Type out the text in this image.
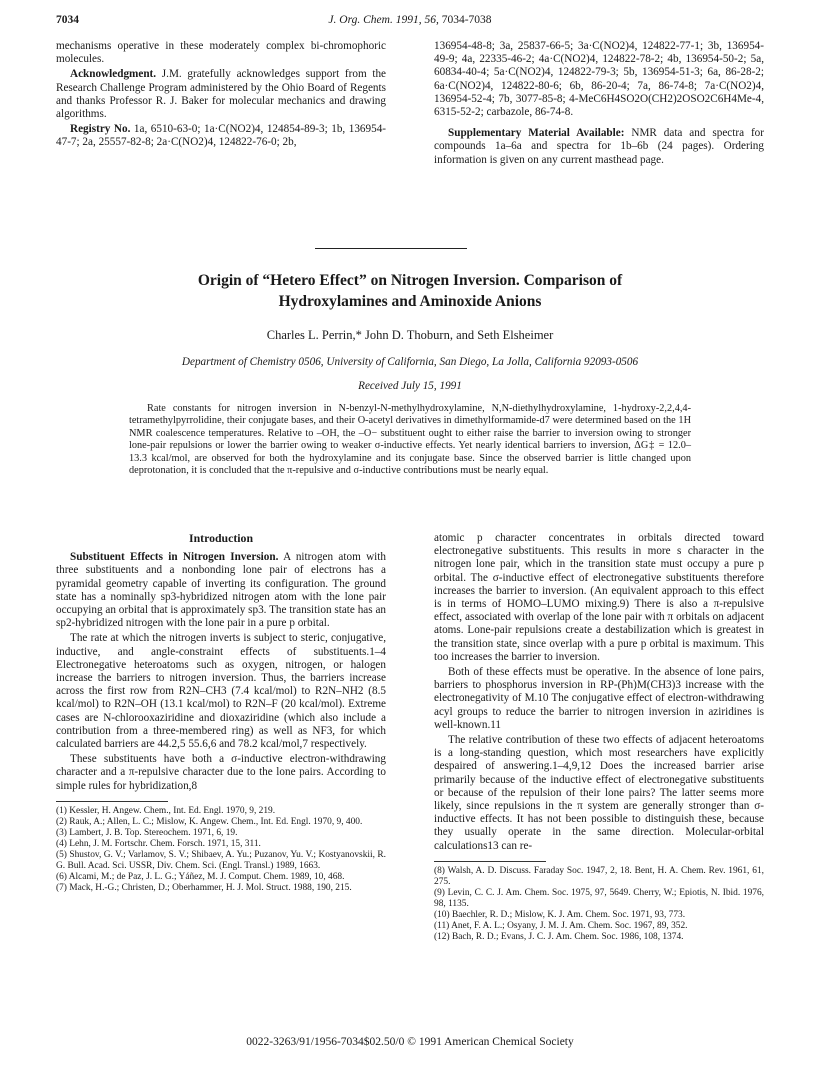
7034	J. Org. Chem. 1991, 56, 7034-7038

mechanisms operative in these moderately complex bi-chromophoric molecules.

Acknowledgment. J.M. gratefully acknowledges support from the Research Challenge Program administered by the Ohio Board of Regents and thanks Professor R. J. Baker for molecular mechanics and drawing algorithms.

Registry No. 1a, 6510-63-0; 1a·C(NO2)4, 124854-89-3; 1b, 136954-47-7; 2a, 25557-82-8; 2a·C(NO2)4, 124822-76-0; 2b,

136954-48-8; 3a, 25837-66-5; 3a·C(NO2)4, 124822-77-1; 3b, 136954-49-9; 4a, 22335-46-2; 4a·C(NO2)4, 124822-78-2; 4b, 136954-50-2; 5a, 60834-40-4; 5a·C(NO2)4, 124822-79-3; 5b, 136954-51-3; 6a, 86-28-2; 6a·C(NO2)4, 124822-80-6; 6b, 86-20-4; 7a, 86-74-8; 7a·C(NO2)4, 136954-52-4; 7b, 3077-85-8; 4-MeC6H4SO2O(CH2)2OSO2C6H4Me-4, 6315-52-2; carbazole, 86-74-8.

Supplementary Material Available: NMR data and spectra for compounds 1a–6a and spectra for 1b–6b (24 pages). Ordering information is given on any current masthead page.

Origin of “Hetero Effect” on Nitrogen Inversion. Comparison of
Hydroxylamines and Aminoxide Anions
Charles L. Perrin,* John D. Thoburn, and Seth Elsheimer
Department of Chemistry 0506, University of California, San Diego, La Jolla, California 92093-0506
Received July 15, 1991
Rate constants for nitrogen inversion in N-benzyl-N-methylhydroxylamine, N,N-diethylhydroxylamine, 1-hydroxy-2,2,4,4-tetramethylpyrrolidine, their conjugate bases, and their O-acetyl derivatives in dimethylformamide-d7 were determined based on the 1H NMR coalescence temperatures. Relative to –OH, the –O− substituent ought to either raise the barrier to inversion owing to stronger lone-pair repulsions or lower the barrier owing to weaker σ-inductive effects. Yet nearly identical barriers to inversion, ΔG‡ = 12.0–13.3 kcal/mol, are observed for both the hydroxylamine and its conjugate base. Since the observed barrier is little changed upon deprotonation, it is concluded that the π-repulsive and σ-inductive contributions must be nearly equal.

Introduction

Substituent Effects in Nitrogen Inversion. A nitrogen atom with three substituents and a nonbonding lone pair of electrons has a pyramidal geometry capable of inverting its configuration. The ground state has a nominally sp3-hybridized nitrogen atom with the lone pair occupying an orbital that is approximately sp3. The transition state has an sp2-hybridized nitrogen with the lone pair in a pure p orbital.

The rate at which the nitrogen inverts is subject to steric, conjugative, inductive, and angle-constraint effects of substituents.1–4 Electronegative heteroatoms such as oxygen, nitrogen, or halogen increase the barriers to nitrogen inversion. Thus, the barriers increase across the first row from R2N–CH3 (7.4 kcal/mol) to R2N–NH2 (8.5 kcal/mol) to R2N–OH (13.1 kcal/mol) to R2N–F (20 kcal/mol). Extreme cases are N-chlorooxaziridine and dioxaziridine (which also include a contribution from a three-membered ring) as well as NF3, for which calculated barriers are 44.2,5 55.6,6 and 78.2 kcal/mol,7 respectively.

These substituents have both a σ-inductive electron-withdrawing character and a π-repulsive character due to the lone pairs. According to simple rules for hybridization,8

(1) Kessler, H. Angew. Chem., Int. Ed. Engl. 1970, 9, 219.

(2) Rauk, A.; Allen, L. C.; Mislow, K. Angew. Chem., Int. Ed. Engl. 1970, 9, 400.

(3) Lambert, J. B. Top. Stereochem. 1971, 6, 19.

(4) Lehn, J. M. Fortschr. Chem. Forsch. 1971, 15, 311.

(5) Shustov, G. V.; Varlamov, S. V.; Shibaev, A. Yu.; Puzanov, Yu. V.; Kostyanovskii, R. G. Bull. Acad. Sci. USSR, Div. Chem. Sci. (Engl. Transl.) 1989, 1663.

(6) Alcami, M.; de Paz, J. L. G.; Yáñez, M. J. Comput. Chem. 1989, 10, 468.

(7) Mack, H.-G.; Christen, D.; Oberhammer, H. J. Mol. Struct. 1988, 190, 215.

atomic p character concentrates in orbitals directed toward electronegative substituents. This results in more s character in the nitrogen lone pair, which in the transition state must occupy a pure p orbital. The σ-inductive effect of electronegative substituents therefore increases the barrier to inversion. (An equivalent approach to this effect is in terms of HOMO–LUMO mixing.9) There is also a π-repulsive effect, associated with overlap of the lone pair with π orbitals on adjacent atoms. Lone-pair repulsions create a destabilization which is greatest in the transition state, since overlap with a pure p orbital is maximum. This too increases the barrier to inversion.

Both of these effects must be operative. In the absence of lone pairs, barriers to phosphorus inversion in RP-(Ph)M(CH3)3 increase with the electronegativity of M.10 The conjugative effect of electron-withdrawing acyl groups to reduce the barrier to nitrogen inversion in aziridines is well-known.11

The relative contribution of these two effects of adjacent heteroatoms is a long-standing question, which most researchers have explicitly despaired of answering.1–4,9,12 Does the increased barrier arise primarily because of the inductive effect of electronegative substituents or because of the repulsion of their lone pairs? The latter seems more likely, since repulsions in the π system are generally stronger than σ-inductive effects. It has not been possible to distinguish these, because they usually operate in the same direction. Molecular-orbital calculations13 can re-

(8) Walsh, A. D. Discuss. Faraday Soc. 1947, 2, 18. Bent, H. A. Chem. Rev. 1961, 61, 275.

(9) Levin, C. C. J. Am. Chem. Soc. 1975, 97, 5649. Cherry, W.; Epiotis, N. Ibid. 1976, 98, 1135.

(10) Baechler, R. D.; Mislow, K. J. Am. Chem. Soc. 1971, 93, 773.

(11) Anet, F. A. L.; Osyany, J. M. J. Am. Chem. Soc. 1967, 89, 352.

(12) Bach, R. D.; Evans, J. C. J. Am. Chem. Soc. 1986, 108, 1374.

0022-3263/91/1956-7034$02.50/0 © 1991 American Chemical Society
